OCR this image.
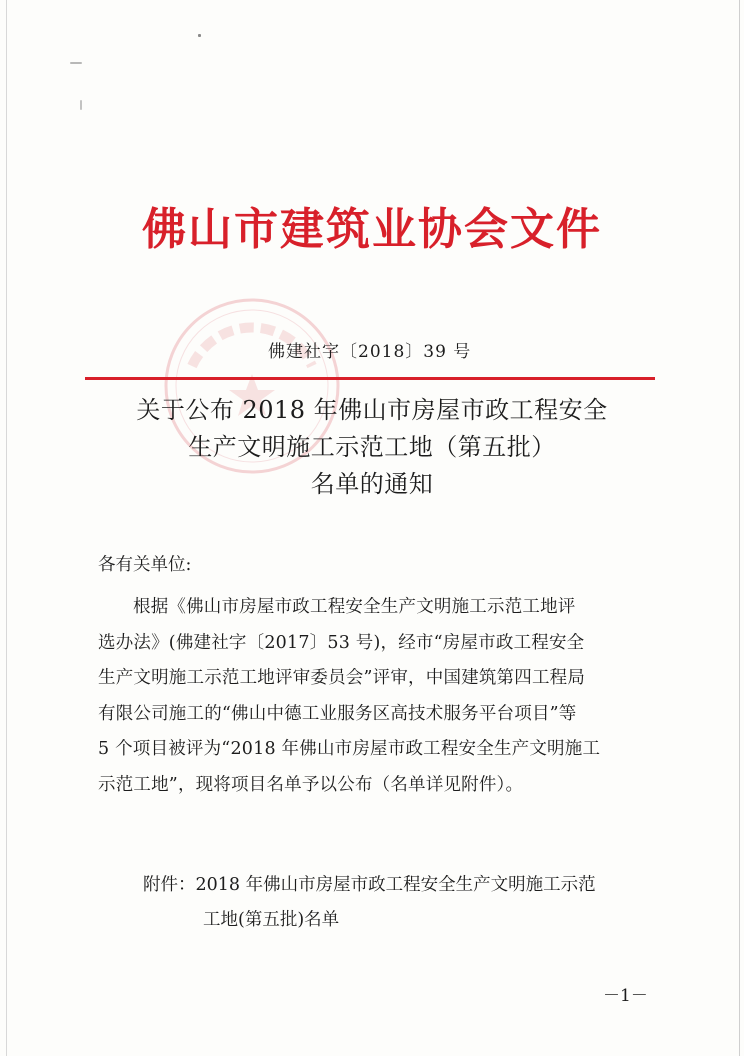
佛山市建筑业协会文件
佛建社字〔2018〕39 号
关于公布 2018 年佛山市房屋市政工程安全
生产文明施工示范工地（第五批）
名单的通知
各有关单位:

根据《佛山市房屋市政工程安全生产文明施工示范工地评

选办法》(佛建社字〔2017〕53 号)，经市“房屋市政工程安全

生产文明施工示范工地评审委员会”评审，中国建筑第四工程局

有限公司施工的“佛山中德工业服务区高技术服务平台项目”等

5 个项目被评为“2018 年佛山市房屋市政工程安全生产文明施工

示范工地”，现将项目名单予以公布（名单详见附件）。

附件：2018 年佛山市房屋市政工程安全生产文明施工示范
工地(第五批)名单
－1－
